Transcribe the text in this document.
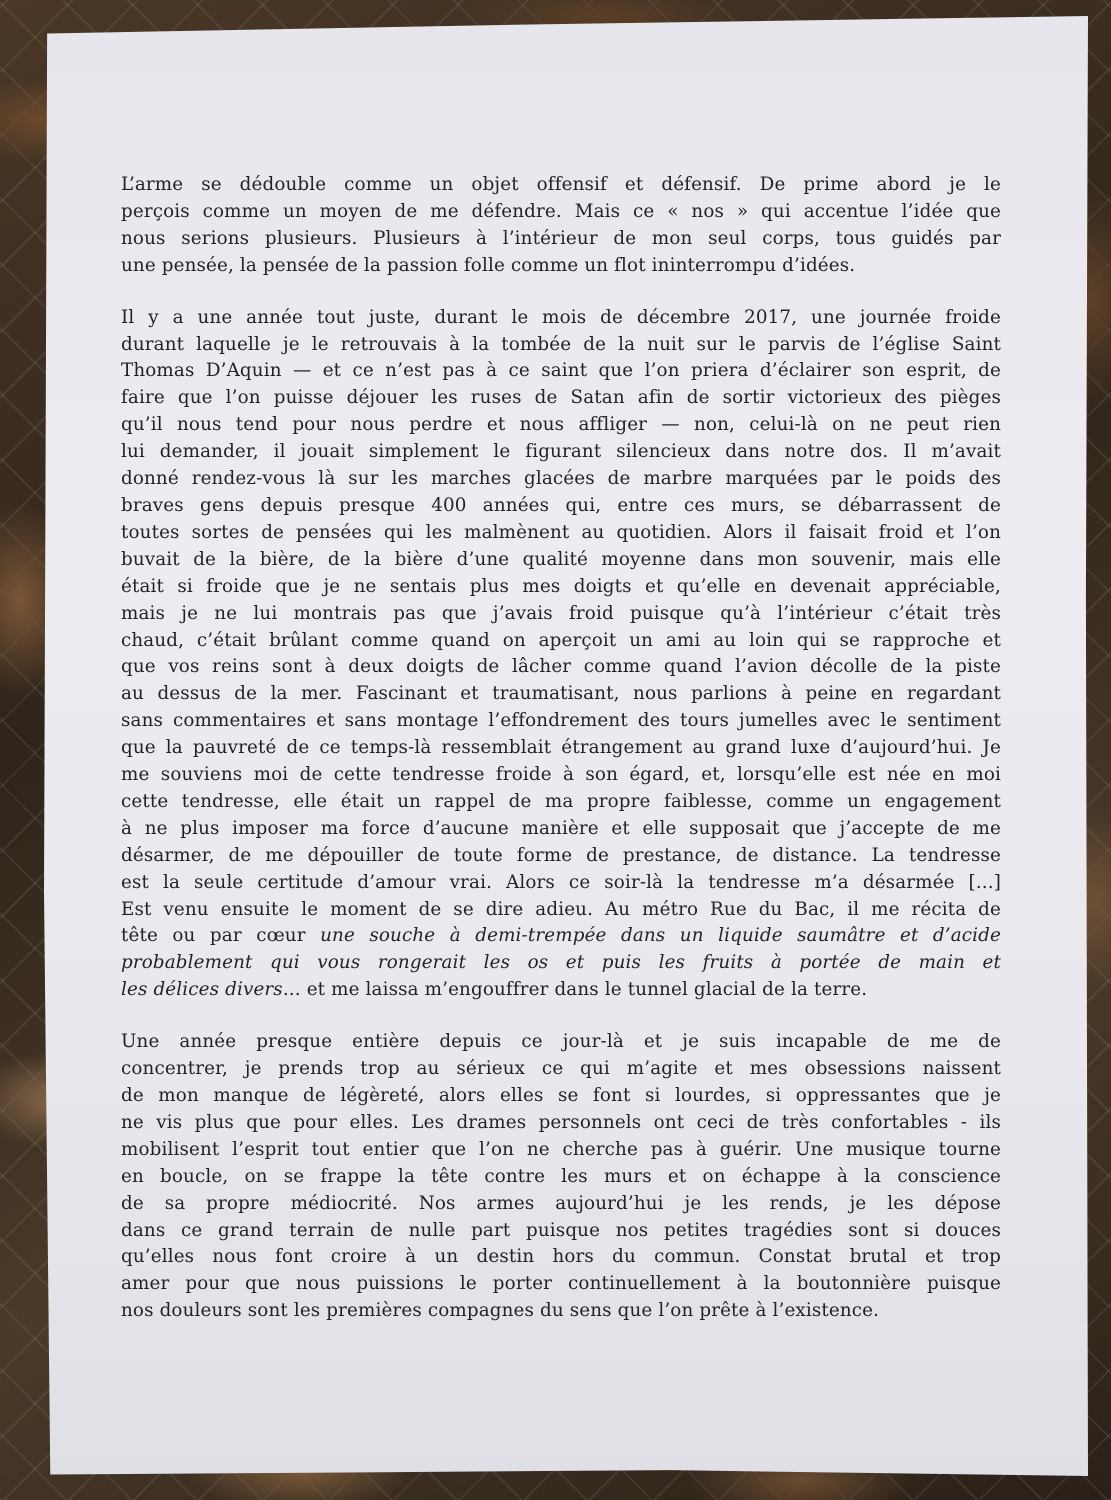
L’arme se dédouble comme un objet offensif et défensif. De prime abord je le
perçois comme un moyen de me défendre. Mais ce « nos » qui accentue l’idée que
nous serions plusieurs. Plusieurs à l’intérieur de mon seul corps, tous guidés par
une pensée, la pensée de la passion folle comme un flot ininterrompu d’idées.
Il y a une année tout juste, durant le mois de décembre 2017, une journée froide
durant laquelle je le retrouvais à la tombée de la nuit sur le parvis de l’église Saint
Thomas D’Aquin — et ce n’est pas à ce saint que l’on priera d’éclairer son esprit, de
faire que l’on puisse déjouer les ruses de Satan afin de sortir victorieux des pièges
qu’il nous tend pour nous perdre et nous affliger — non, celui-là on ne peut rien
lui demander, il jouait simplement le figurant silencieux dans notre dos. Il m’avait
donné rendez-vous là sur les marches glacées de marbre marquées par le poids des
braves gens depuis presque 400 années qui, entre ces murs, se débarrassent de
toutes sortes de pensées qui les malmènent au quotidien. Alors il faisait froid et l’on
buvait de la bière, de la bière d’une qualité moyenne dans mon souvenir, mais elle
était si froide que je ne sentais plus mes doigts et qu’elle en devenait appréciable,
mais je ne lui montrais pas que j’avais froid puisque qu’à l’intérieur c’était très
chaud, c’était brûlant comme quand on aperçoit un ami au loin qui se rapproche et
que vos reins sont à deux doigts de lâcher comme quand l’avion décolle de la piste
au dessus de la mer. Fascinant et traumatisant, nous parlions à peine en regardant
sans commentaires et sans montage l’effondrement des tours jumelles avec le sentiment
que la pauvreté de ce temps-là ressemblait étrangement au grand luxe d’aujourd’hui. Je
me souviens moi de cette tendresse froide à son égard, et, lorsqu’elle est née en moi
cette tendresse, elle était un rappel de ma propre faiblesse, comme un engagement
à ne plus imposer ma force d’aucune manière et elle supposait que j’accepte de me
désarmer, de me dépouiller de toute forme de prestance, de distance. La tendresse
est la seule certitude d’amour vrai. Alors ce soir-là la tendresse m’a désarmée [...]
Est venu ensuite le moment de se dire adieu. Au métro Rue du Bac, il me récita de
tête ou par cœur une souche à demi-trempée dans un liquide saumâtre et d’acide
probablement qui vous rongerait les os et puis les fruits à portée de main et
les délices divers... et me laissa m’engouffrer dans le tunnel glacial de la terre.
Une année presque entière depuis ce jour-là et je suis incapable de me de
concentrer, je prends trop au sérieux ce qui m’agite et mes obsessions naissent
de mon manque de légèreté, alors elles se font si lourdes, si oppressantes que je
ne vis plus que pour elles. Les drames personnels ont ceci de très confortables - ils
mobilisent l’esprit tout entier que l’on ne cherche pas à guérir. Une musique tourne
en boucle, on se frappe la tête contre les murs et on échappe à la conscience
de sa propre médiocrité. Nos armes aujourd’hui je les rends, je les dépose
dans ce grand terrain de nulle part puisque nos petites tragédies sont si douces
qu’elles nous font croire à un destin hors du commun. Constat brutal et trop
amer pour que nous puissions le porter continuellement à la boutonnière puisque
nos douleurs sont les premières compagnes du sens que l’on prête à l’existence.
